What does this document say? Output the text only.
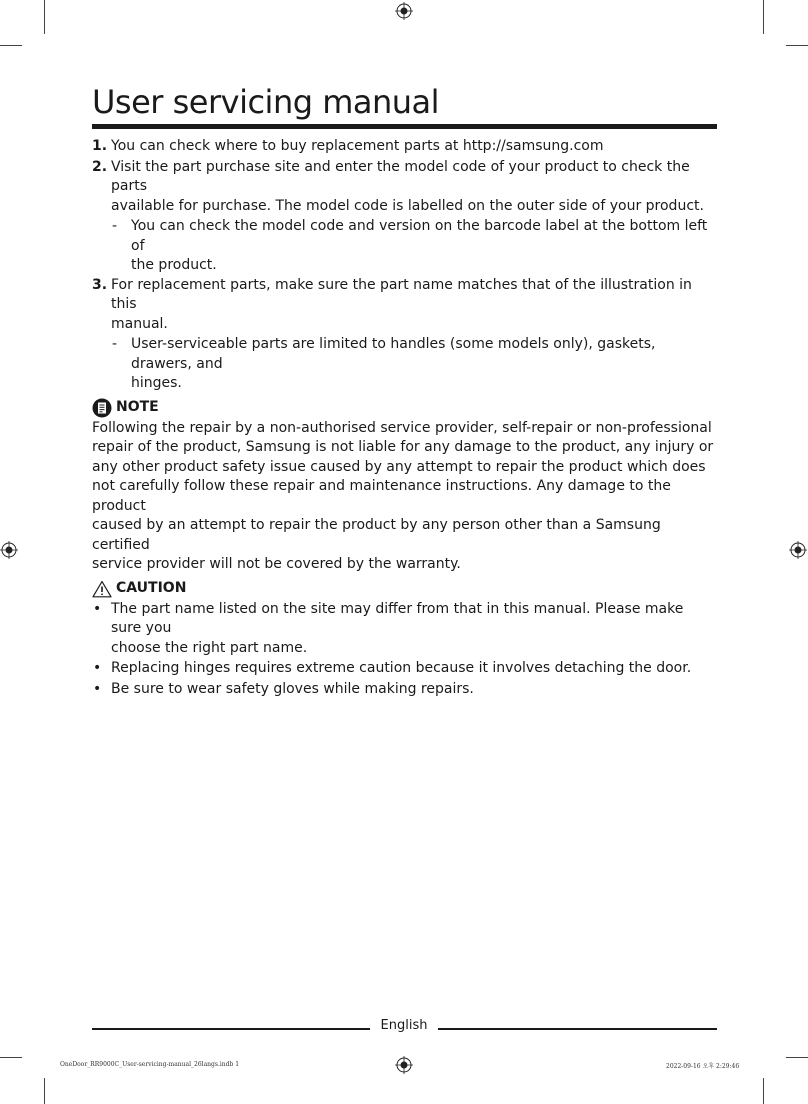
User servicing manual
1. You can check where to buy replacement parts at http://samsung.com
2. Visit the part purchase site and enter the model code of your product to check the parts
available for purchase. The model code is labelled on the outer side of your product.
- You can check the model code and version on the barcode label at the bottom left of
the product.
3. For replacement parts, make sure the part name matches that of the illustration in this
manual.
- User-serviceable parts are limited to handles (some models only), gaskets, drawers, and
hinges.
NOTE
Following the repair by a non-authorised service provider, self-repair or non-professional
repair of the product, Samsung is not liable for any damage to the product, any injury or
any other product safety issue caused by any attempt to repair the product which does
not carefully follow these repair and maintenance instructions. Any damage to the product
caused by an attempt to repair the product by any person other than a Samsung certified
service provider will not be covered by the warranty.
CAUTION
• The part name listed on the site may differ from that in this manual. Please make sure you
choose the right part name.
• Replacing hinges requires extreme caution because it involves detaching the door.
• Be sure to wear safety gloves while making repairs.
English
OneDoor_RR9000C_User-servicing-manual_26langs.indb 1	2022-09-16 오후 2:29:46
